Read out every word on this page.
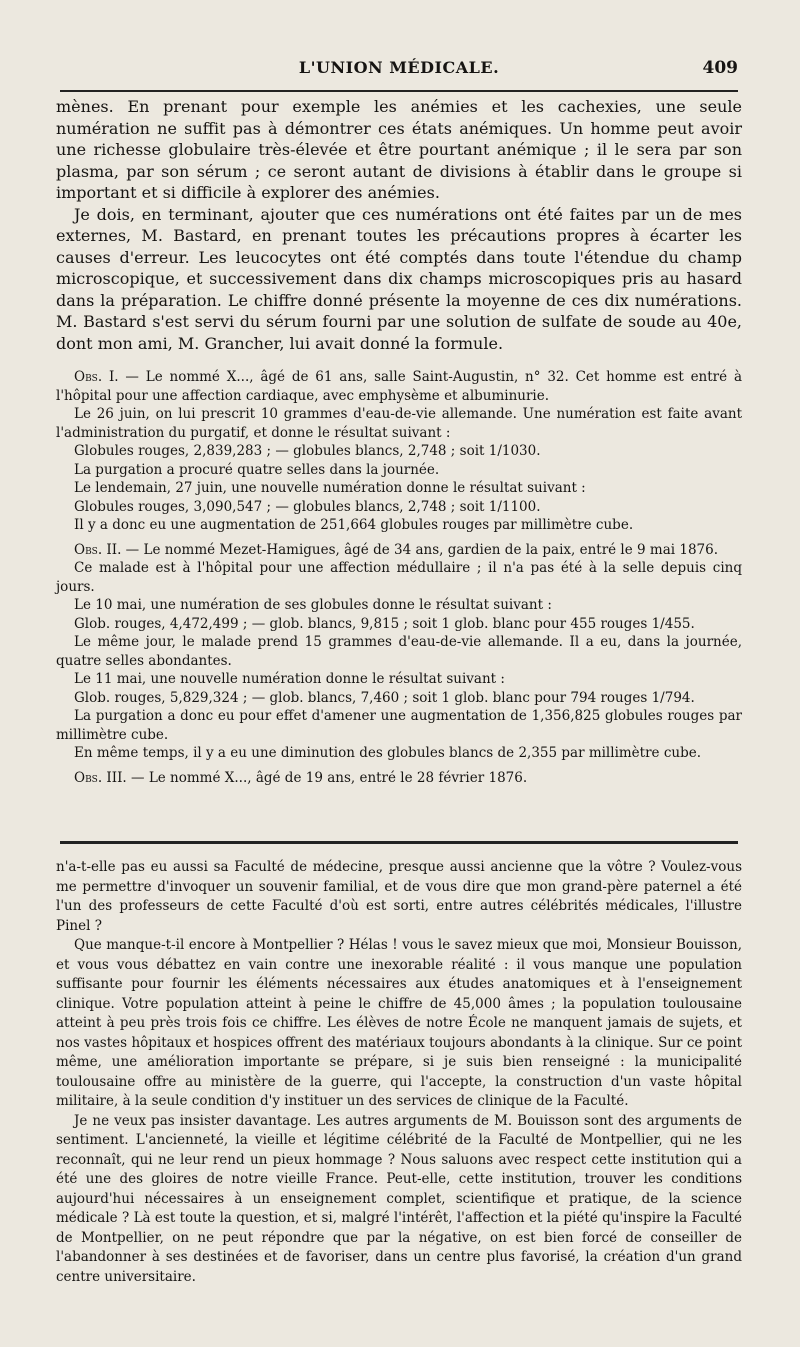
L'UNION MÉDICALE.	409

mènes. En prenant pour exemple les anémies et les cachexies, une seule numération ne suffit pas à démontrer ces états anémiques. Un homme peut avoir une richesse globulaire très-élevée et être pourtant anémique ; il le sera par son plasma, par son sérum ; ce seront autant de divisions à établir dans le groupe si important et si difficile à explorer des anémies.

Je dois, en terminant, ajouter que ces numérations ont été faites par un de mes externes, M. Bastard, en prenant toutes les précautions propres à écarter les causes d'erreur. Les leucocytes ont été comptés dans toute l'étendue du champ microscopique, et successivement dans dix champs microscopiques pris au hasard dans la préparation. Le chiffre donné présente la moyenne de ces dix numérations. M. Bastard s'est servi du sérum fourni par une solution de sulfate de soude au 40e, dont mon ami, M. Grancher, lui avait donné la formule.

Obs. I. — Le nommé X..., âgé de 61 ans, salle Saint-Augustin, n° 32. Cet homme est entré à l'hôpital pour une affection cardiaque, avec emphysème et albuminurie.

Le 26 juin, on lui prescrit 10 grammes d'eau-de-vie allemande. Une numération est faite avant l'administration du purgatif, et donne le résultat suivant :

Globules rouges, 2,839,283 ; — globules blancs, 2,748 ; soit 1/1030.

La purgation a procuré quatre selles dans la journée.

Le lendemain, 27 juin, une nouvelle numération donne le résultat suivant :

Globules rouges, 3,090,547 ; — globules blancs, 2,748 ; soit 1/1100.

Il y a donc eu une augmentation de 251,664 globules rouges par millimètre cube.

Obs. II. — Le nommé Mezet-Hamigues, âgé de 34 ans, gardien de la paix, entré le 9 mai 1876.

Ce malade est à l'hôpital pour une affection médullaire ; il n'a pas été à la selle depuis cinq jours.

Le 10 mai, une numération de ses globules donne le résultat suivant :

Glob. rouges, 4,472,499 ; — glob. blancs, 9,815 ; soit 1 glob. blanc pour 455 rouges 1/455.

Le même jour, le malade prend 15 grammes d'eau-de-vie allemande. Il a eu, dans la journée, quatre selles abondantes.

Le 11 mai, une nouvelle numération donne le résultat suivant :

Glob. rouges, 5,829,324 ; — glob. blancs, 7,460 ; soit 1 glob. blanc pour 794 rouges 1/794.

La purgation a donc eu pour effet d'amener une augmentation de 1,356,825 globules rouges par millimètre cube.

En même temps, il y a eu une diminution des globules blancs de 2,355 par millimètre cube.

Obs. III. — Le nommé X..., âgé de 19 ans, entré le 28 février 1876.

n'a-t-elle pas eu aussi sa Faculté de médecine, presque aussi ancienne que la vôtre ? Voulez-vous me permettre d'invoquer un souvenir familial, et de vous dire que mon grand-père paternel a été l'un des professeurs de cette Faculté d'où est sorti, entre autres célébrités médicales, l'illustre Pinel ?

Que manque-t-il encore à Montpellier ? Hélas ! vous le savez mieux que moi, Monsieur Bouisson, et vous vous débattez en vain contre une inexorable réalité : il vous manque une population suffisante pour fournir les éléments nécessaires aux études anatomiques et à l'enseignement clinique. Votre population atteint à peine le chiffre de 45,000 âmes ; la population toulousaine atteint à peu près trois fois ce chiffre. Les élèves de notre École ne manquent jamais de sujets, et nos vastes hôpitaux et hospices offrent des matériaux toujours abondants à la clinique. Sur ce point même, une amélioration importante se prépare, si je suis bien renseigné : la municipalité toulousaine offre au ministère de la guerre, qui l'accepte, la construction d'un vaste hôpital militaire, à la seule condition d'y instituer un des services de clinique de la Faculté.

Je ne veux pas insister davantage. Les autres arguments de M. Bouisson sont des arguments de sentiment. L'ancienneté, la vieille et légitime célébrité de la Faculté de Montpellier, qui ne les reconnaît, qui ne leur rend un pieux hommage ? Nous saluons avec respect cette institution qui a été une des gloires de notre vieille France. Peut-elle, cette institution, trouver les conditions aujourd'hui nécessaires à un enseignement complet, scientifique et pratique, de la science médicale ? Là est toute la question, et si, malgré l'intérêt, l'affection et la piété qu'inspire la Faculté de Montpellier, on ne peut répondre que par la négative, on est bien forcé de conseiller de l'abandonner à ses destinées et de favoriser, dans un centre plus favorisé, la création d'un grand centre universitaire.
